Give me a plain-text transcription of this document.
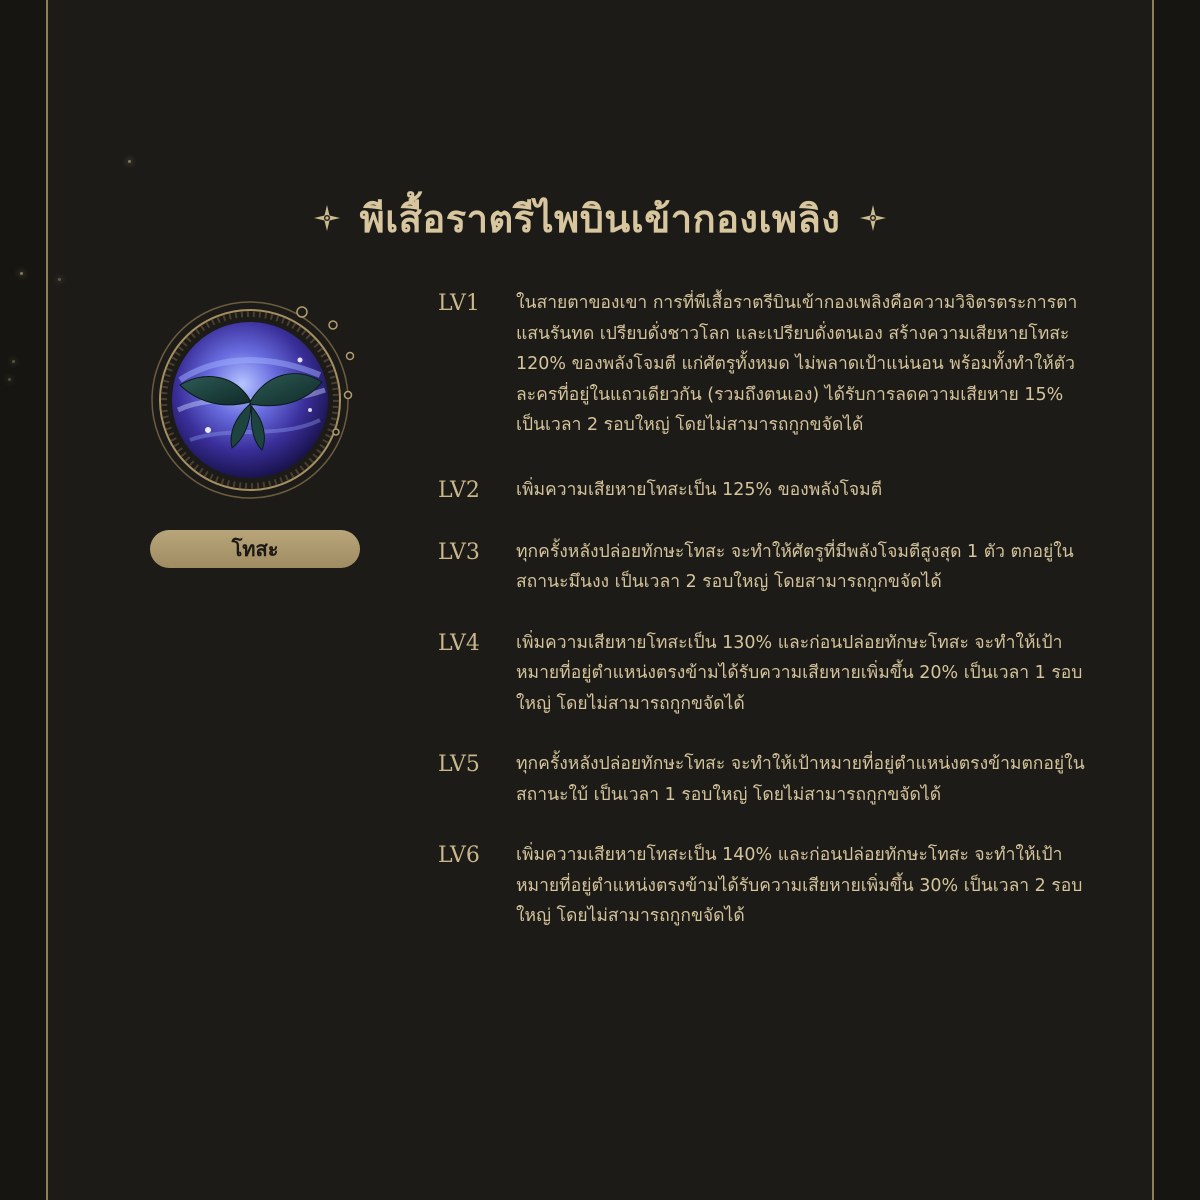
พีเสื้อราตรีไพบินเข้ากองเพลิง
โทสะ
LV1	ในสายตาของเขา การที่พีเสื้อราตรีบินเข้ากองเพลิงคือความวิจิตรตระการตาแสนรันทด เปรียบดั่งชาวโลก และเปรียบดั่งตนเอง สร้างความเสียหายโทสะ 120% ของพลังโจมตี แก่ศัตรูทั้งหมด ไม่พลาดเป้าแน่นอน พร้อมทั้งทำให้ตัวละครที่อยู่ในแถวเดียวกัน (รวมถึงตนเอง) ได้รับการลดความเสียหาย 15% เป็นเวลา 2 รอบใหญ่ โดยไม่สามารถกูกขจัดได้
LV2	เพิ่มความเสียหายโทสะเป็น 125% ของพลังโจมตี
LV3	ทุกครั้งหลังปล่อยทักษะโทสะ จะทำให้ศัตรูที่มีพลังโจมตีสูงสุด 1 ตัว ตกอยู่ในสถานะมึนงง เป็นเวลา 2 รอบใหญ่ โดยสามารถกูกขจัดได้
LV4	เพิ่มความเสียหายโทสะเป็น 130% และก่อนปล่อยทักษะโทสะ จะทำให้เป้าหมายที่อยู่ตำแหน่งตรงข้ามได้รับความเสียหายเพิ่มขึ้น 20% เป็นเวลา 1 รอบใหญ่ โดยไม่สามารถกูกขจัดได้
LV5	ทุกครั้งหลังปล่อยทักษะโทสะ จะทำให้เป้าหมายที่อยู่ตำแหน่งตรงข้ามตกอยู่ในสถานะใบ้ เป็นเวลา 1 รอบใหญ่ โดยไม่สามารถกูกขจัดได้
LV6	เพิ่มความเสียหายโทสะเป็น 140% และก่อนปล่อยทักษะโทสะ จะทำให้เป้าหมายที่อยู่ตำแหน่งตรงข้ามได้รับความเสียหายเพิ่มขึ้น 30% เป็นเวลา 2 รอบใหญ่ โดยไม่สามารถกูกขจัดได้
